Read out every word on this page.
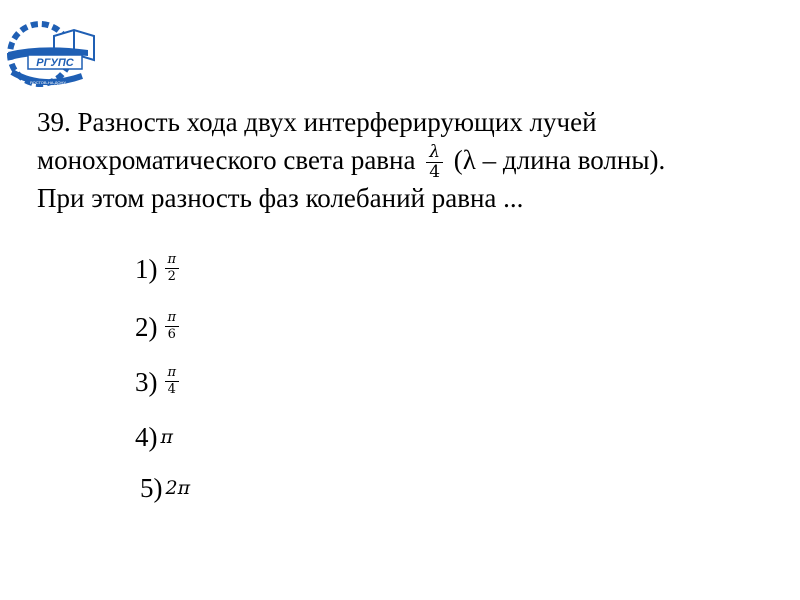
РГУПС
РОСТОВ-НА-ДОНУ
39. Разность хода двух интерферирующих лучей
монохроматического света равна $\frac{\lambda}{4} (\lambda$ – длина волны).
При этом разность фаз колебаний равна ...
$1) \frac{\pi}{2}$
$2) \frac{\pi}{6}$
$3) \frac{\pi}{4}$
4) π
5) 2π
